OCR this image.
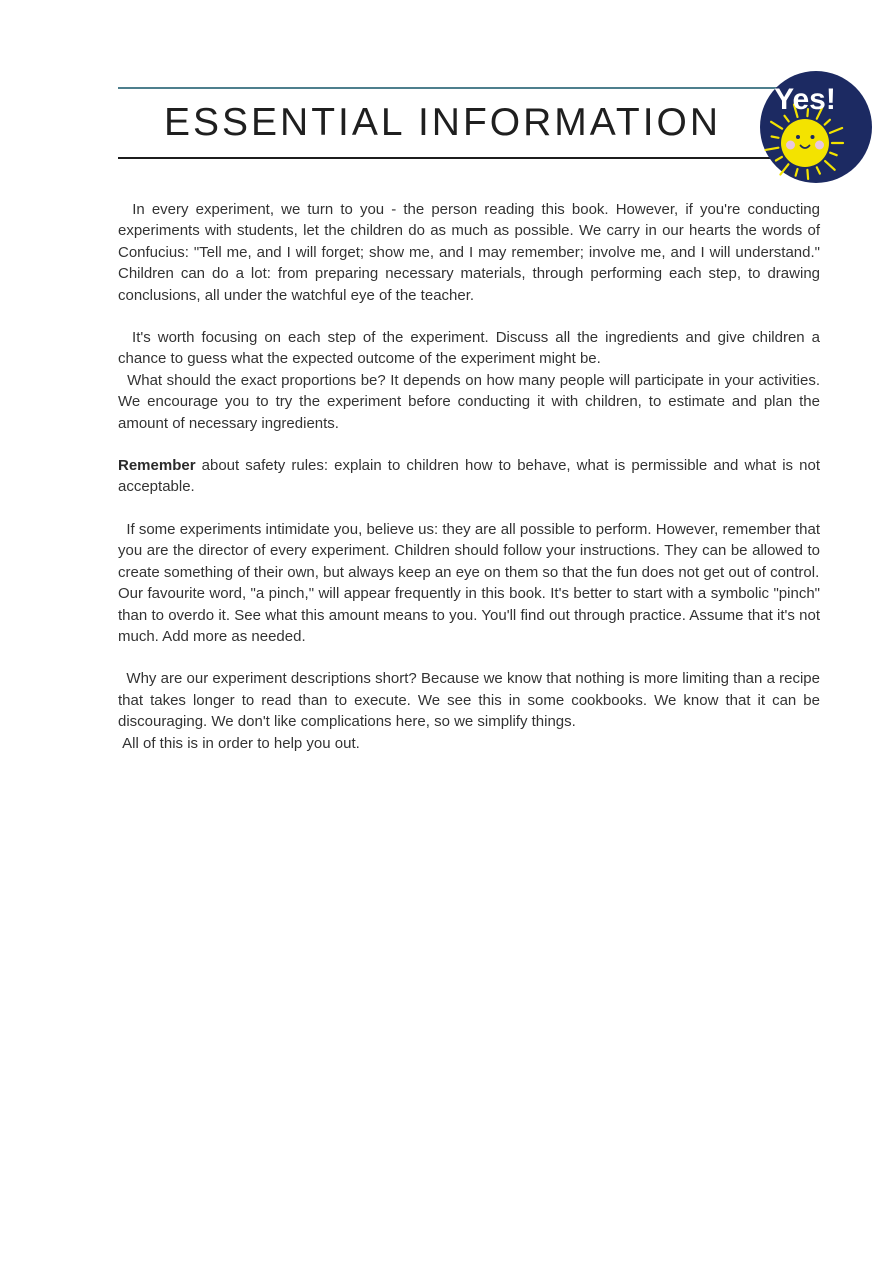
ESSENTIAL INFORMATION
Yes!

In every experiment, we turn to you - the person reading this book. However, if you're conducting experiments with students, let the children do as much as possible. We carry in our hearts the words of Confucius: "Tell me, and I will forget; show me, and I may remember; involve me, and I will understand." Children can do a lot: from preparing necessary materials, through performing each step, to drawing conclusions, all under the watchful eye of the teacher.

It's worth focusing on each step of the experiment. Discuss all the ingredients and give children a chance to guess what the expected outcome of the experiment might be.

What should the exact proportions be? It depends on how many people will participate in your activities. We encourage you to try the experiment before conducting it with children, to estimate and plan the amount of necessary ingredients.

Remember about safety rules: explain to children how to behave, what is permissible and what is not acceptable.

If some experiments intimidate you, believe us: they are all possible to perform. However, remember that you are the director of every experiment. Children should follow your instructions. They can be allowed to create something of their own, but always keep an eye on them so that the fun does not get out of control.

Our favourite word, "a pinch," will appear frequently in this book. It's better to start with a symbolic "pinch" than to overdo it. See what this amount means to you. You'll find out through practice. Assume that it's not much. Add more as needed.

Why are our experiment descriptions short? Because we know that nothing is more limiting than a recipe that takes longer to read than to execute. We see this in some cookbooks. We know that it can be discouraging. We don't like complications here, so we simplify things.

All of this is in order to help you out.
